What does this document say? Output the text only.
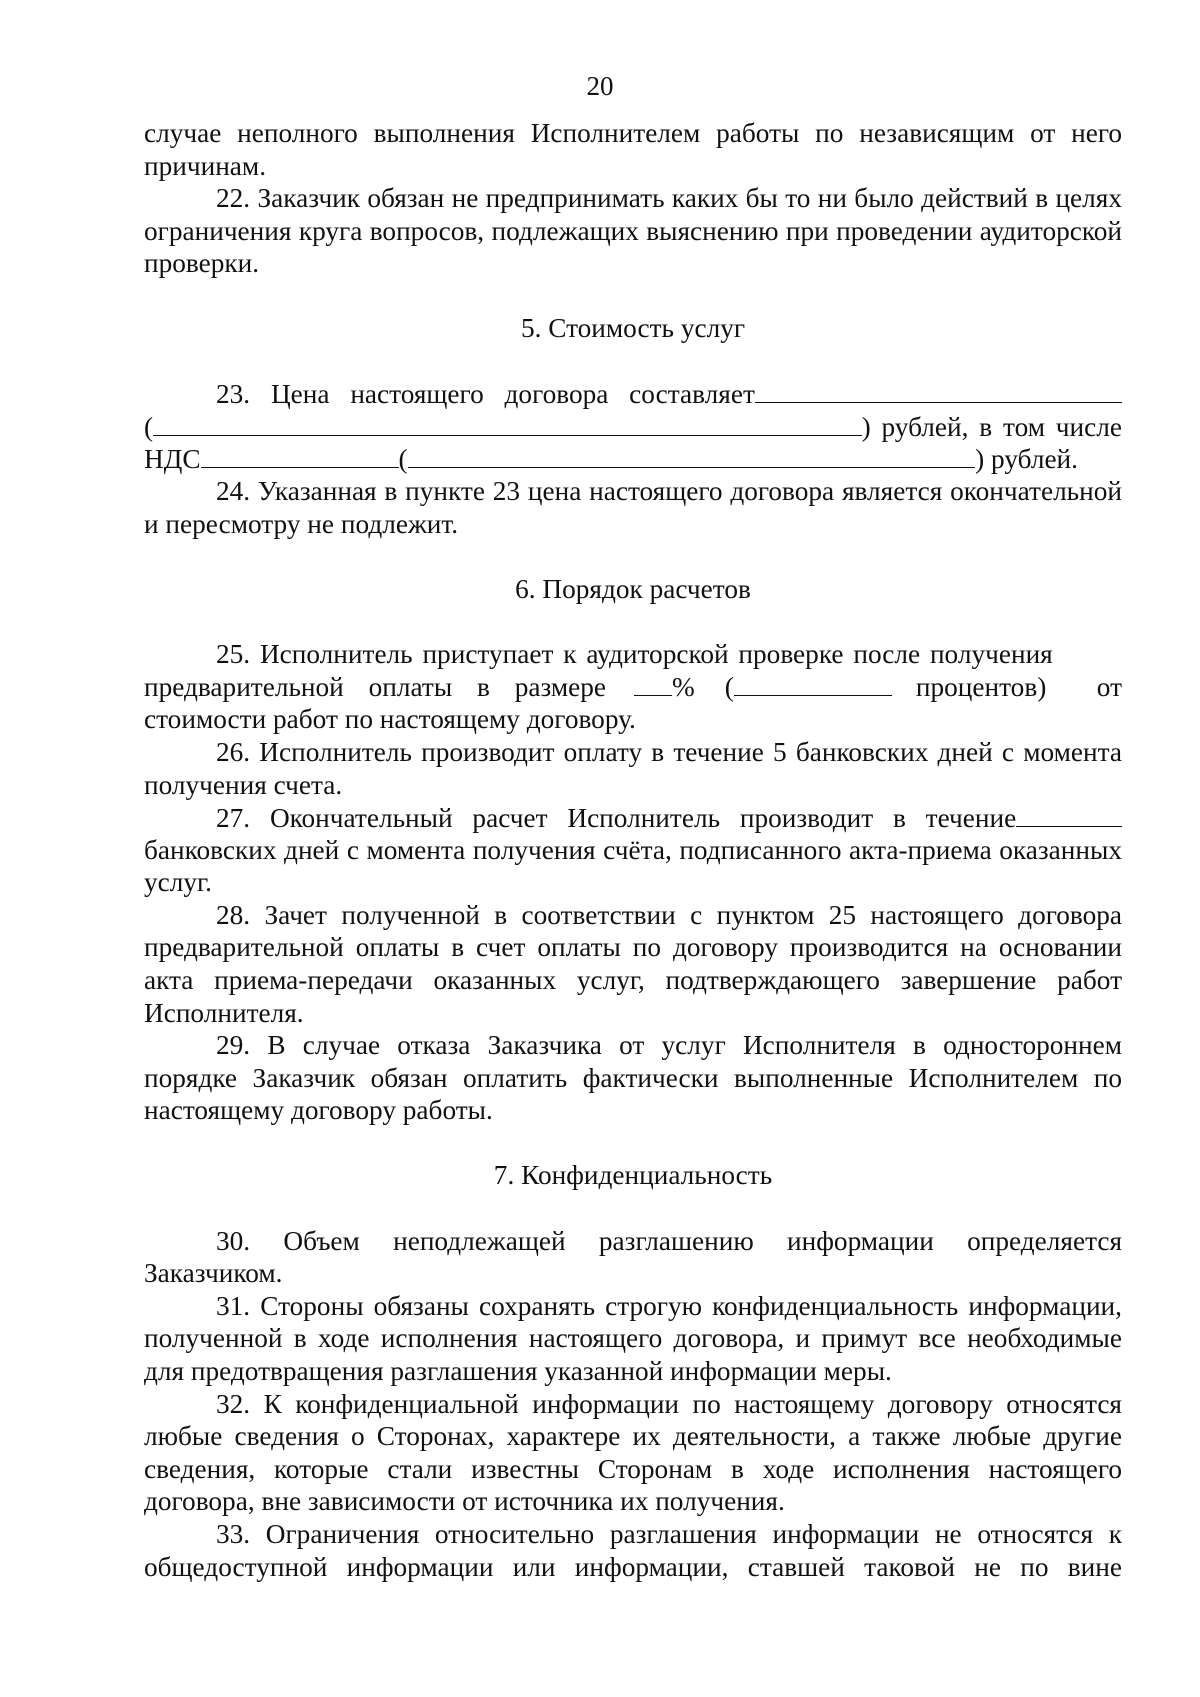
20

случае неполного выполнения Исполнителем работы по независящим от него причинам.

22. Заказчик обязан не предпринимать каких бы то ни было действий в целях ограничения круга вопросов, подлежащих выяснению при проведении аудиторской проверки.

5. Стоимость услуг
23. Цена настоящего договора составляет
(	) рублей, в том числе
НДС	(	) рублей.

24. Указанная в пункте 23 цена настоящего договора является окончательной и пересмотру не подлежит.

6. Порядок расчетов
25. Исполнитель приступает к аудиторской проверке после получения
предварительной оплаты в размере % (	процентов) от
стоимости работ по настоящему договору.

26. Исполнитель производит оплату в течение 5 банковских дней с момента получения счета.

27. Окончательный расчет Исполнитель производит в течение

банковских дней с момента получения счёта, подписанного акта-приема оказанных услуг.

28. Зачет полученной в соответствии с пунктом 25 настоящего договора предварительной оплаты в счет оплаты по договору производится на основании акта приема-передачи оказанных услуг, подтверждающего завершение работ Исполнителя.

29. В случае отказа Заказчика от услуг Исполнителя в одностороннем порядке Заказчик обязан оплатить фактически выполненные Исполнителем по настоящему договору работы.

7. Конфиденциальность

30. Объем неподлежащей разглашению информации определяется Заказчиком.

31. Стороны обязаны сохранять строгую конфиденциальность информации, полученной в ходе исполнения настоящего договора, и примут все необходимые для предотвращения разглашения указанной информации меры.

32. К конфиденциальной информации по настоящему договору относятся любые сведения о Сторонах, характере их деятельности, а также любые другие сведения, которые стали известны Сторонам в ходе исполнения настоящего договора, вне зависимости от источника их получения.

33. Ограничения относительно разглашения информации не относятся к общедоступной информации или информации, ставшей таковой не по вине
